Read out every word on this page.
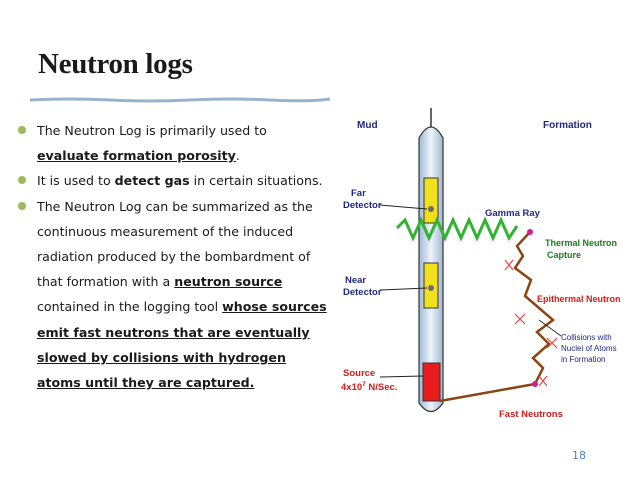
Neutron logs
The Neutron Log is primarily used to evaluate formation porosity.
It is used to detect gas in certain situations.
The Neutron Log can be summarized as the continuous measurement of the induced radiation produced by the bombardment of that formation with a neutron source contained in the logging tool whose sources emit fast neutrons that are eventually slowed by collisions with hydrogen atoms until they are captured.
Mud	Formation
Far
Detector
Near
Detector
Source
$4x10^7$ N/Sec.
Gamma Ray
Thermal Neutron
Capture
Epithermal Neutron
Collisions with
Nuclei of Atoms
in Formation
Fast Neutrons
18
